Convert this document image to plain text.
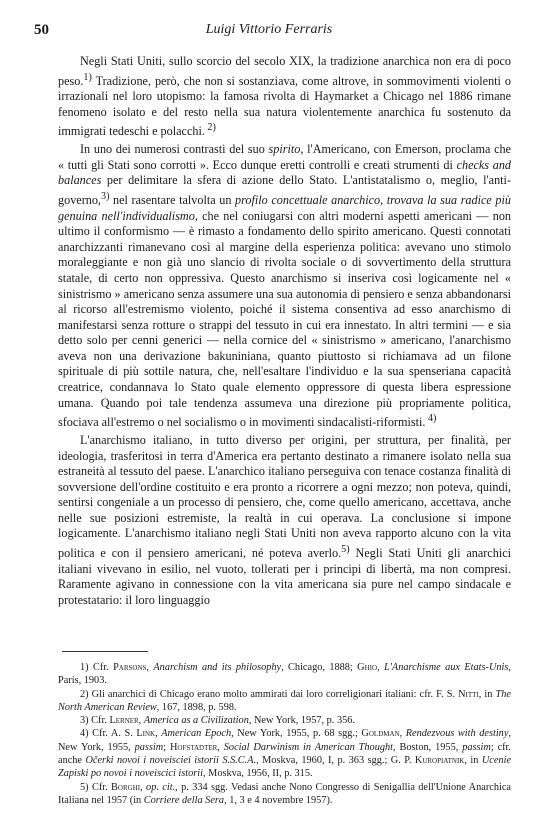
50	Luigi Vittorio Ferraris

Negli Stati Uniti, sullo scorcio del secolo XIX, la tradizione anarchica non era di poco peso.$^{1)}$ Tradizione, però, che non si sostanziava, come altrove, in sommovimenti violenti o irrazionali nel loro utopismo: la famosa rivolta di Haymarket a Chicago nel 1886 rimane fenomeno isolato e del resto nella sua natura violentemente anarchica fu sostenuto da immigrati tedeschi e polacchi. $^{2)}$

In uno dei numerosi contrasti del suo spirito, l'Americano, con Emerson, proclama che « tutti gli Stati sono corrotti ». Ecco dunque eretti controlli e creati strumenti di checks and balances per delimitare la sfera di azione dello Stato. L'antistatalismo o, meglio, l'anti-governo,$^{3)}$ nel rasentare talvolta un profilo concettuale anarchico, trovava la sua radice più genuina nell'individualismo, che nel coniugarsi con altri moderni aspetti americani — non ultimo il conformismo — è rimasto a fondamento dello spirito americano. Questi connotati anarchizzanti rimanevano così al margine della esperienza politica: avevano uno stimolo moraleggiante e non già uno slancio di rivolta sociale o di sovvertimento della struttura statale, di certo non oppressiva. Questo anarchismo si inseriva così logicamente nel « sinistrismo » americano senza assumere una sua autonomia di pensiero e senza abbandonarsi al ricorso all'estremismo violento, poiché il sistema consentiva ad esso anarchismo di manifestarsi senza rotture o strappi del tessuto in cui era innestato. In altri termini — e sia detto solo per cenni generici — nella cornice del « sinistrismo » americano, l'anarchismo aveva non una derivazione bakuniniana, quanto piuttosto si richiamava ad un filone spirituale di più sottile natura, che, nell'esaltare l'individuo e la sua spenseriana capacità creatrice, condannava lo Stato quale elemento oppressore di questa libera espressione umana. Quando poi tale tendenza assumeva una direzione più propriamente politica, sfociava all'estremo o nel socialismo o in movimenti sindacalisti-riformisti. $^{4)}$

L'anarchismo italiano, in tutto diverso per origini, per struttura, per finalità, per ideologia, trasferitosi in terra d'America era pertanto destinato a rimanere isolato nella sua estraneità al tessuto del paese. L'anarchico italiano perseguiva con tenace costanza finalità di sovversione dell'ordine costituito e era pronto a ricorrere a ogni mezzo; non poteva, quindi, sentirsi congeniale a un processo di pensiero, che, come quello americano, accettava, anche nelle sue posizioni estremiste, la realtà in cui operava. La conclusione si impone logicamente. L'anarchismo italiano negli Stati Uniti non aveva rapporto alcuno con la vita politica e con il pensiero americani, né poteva averlo.$^{5)}$ Negli Stati Uniti gli anarchici italiani vivevano in esilio, nel vuoto, tollerati per i principi di libertà, ma non compresi. Raramente agivano in connessione con la vita americana sia pure nel campo sindacale e protestatario: il loro linguaggio

1) Cfr. Parsons, Anarchism and its philosophy, Chicago, 1888; Ghio, L'Anarchisme aux Etats-Unis, Paris, 1903.

2) Gli anarchici di Chicago erano molto ammirati dai loro correligionari italiani: cfr. F. S. Nitti, in The North American Review, 167, 1898, p. 598.

3) Cfr. Lerner, America as a Civilization, New York, 1957, p. 356.

4) Cfr. A. S. Link, American Epoch, New York, 1955, p. 68 sgg.; Goldman, Rendezvous with destiny, New York, 1955, passim; Hofstadter, Social Darwinism in American Thought, Boston, 1955, passim; cfr. anche Očerki novoi i noveisciei istorii S.S.C.A., Moskva, 1960, I, p. 363 sgg.; G. P. Kuropiatnik, in Ucenie Zapiski po novoi i noveiscici istorii, Moskva, 1956, II, p. 315.

5) Cfr. Borghi, op. cit., p. 334 sgg. Vedasi anche Nono Congresso di Senigallia dell'Unione Anarchica Italiana nel 1957 (in Corriere della Sera, 1, 3 e 4 novembre 1957).
